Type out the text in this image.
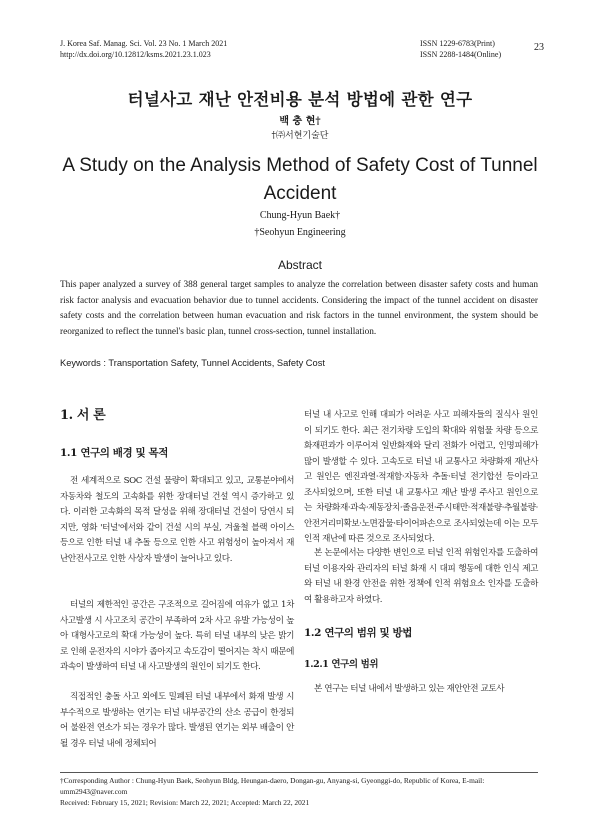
J. Korea Saf. Manag. Sci. Vol. 23 No. 1 March 2021
http://dx.doi.org/10.12812/ksms.2021.23.1.023
ISSN 1229-6783(Print)
ISSN 2288-1484(Online)
23
터널사고 재난 안전비용 분석 방법에 관한 연구
백 충 현†
†㈜서현기술단
A Study on the Analysis Method of Safety Cost of Tunnel
Accident
Chung-Hyun Baek†
†Seohyun Engineering
Abstract

This paper analyzed a survey of 388 general target samples to analyze the correlation between disaster safety costs and human risk factor analysis and evacuation behavior due to tunnel accidents. Considering the impact of the tunnel accident on disaster safety costs and the correlation between human evacuation and risk factors in the tunnel environment, the system should be reorganized to reflect the tunnel's basic plan, tunnel cross-section, tunnel installation.

Keywords : Transportation Safety, Tunnel Accidents, Safety Cost
1. 서 론
1.1 연구의 배경 및 목적

전 세계적으로 SOC 건설 물량이 확대되고 있고, 교통분야에서 자동차와 철도의 고속화를 위한 장대터널 건설 역시 증가하고 있다. 이러한 고속화의 목적 달성을 위해 장대터널 건설이 당연시 되지만, 영화 '터널'에서와 같이 건설 시의 부실, 겨울철 블랙 아이스 등으로 인한 터널 내 추돌 등으로 인한 사고 위험성이 높아져서 재난안전사고로 인한 사상자 발생이 늘어나고 있다.

터널의 제한적인 공간은 구조적으로 길어짐에 여유가 없고 1차 사고발생 시 사고조치 공간이 부족하여 2차 사고 유발 가능성이 높아 대형사고로의 확대 가능성이 높다. 특히 터널 내부의 낮은 밝기로 인해 운전자의 시야가 좁아지고 속도감이 떨어지는 착시 때문에 과속이 발생하여 터널 내 사고발생의 원인이 되기도 한다.

직접적인 충돌 사고 외에도 밀폐된 터널 내부에서 화재 발생 시 부수적으로 발생하는 연기는 터널 내부공간의 산소 공급이 한정되어 불완전 연소가 되는 경우가 많다. 발생된 연기는 외부 배출이 안될 경우 터널 내에 정체되어

터널 내 사고로 인해 대피가 어려운 사고 피해자들의 질식사 원인이 되기도 한다. 최근 전기차량 도입의 확대와 위험물 차량 등으로 화재편과가 이루어져 일반화재와 달리 전화가 어렵고, 인명피해가 많이 발생할 수 있다. 고속도로 터널 내 교통사고 차량화재 재난사고 원인은 엔진과열·적재함·자동차 추돌·터널 전기합선 등이라고 조사되었으며, 또한 터널 내 교통사고 재난 발생 주사고 원인으로는 차량화재·과속·제동장치·졸음운전·주시태만·적재불량·추월불량·안전거리미확보·노면잡물·타이어파손으로 조사되었는데 이는 모두 인적 재난에 따른 것으로 조사되었다.

본 논문에서는 다양한 변인으로 터널 인적 위험인자를 도출하여 터널 이용자와 관리자의 터널 화재 시 대피 행동에 대한 인식 제고와 터널 내 환경 안전을 위한 정책에 인적 위험요소 인자를 도출하여 활용하고자 하였다.

1.2 연구의 범위 및 방법
1.2.1 연구의 범위

본 연구는 터널 내에서 발생하고 있는 재안안전 교토사

†Corresponding Author : Chung-Hyun Baek, Seohyun Bldg, Heungan-daero, Dongan-gu, Anyang-si, Gyeonggi-do, Republic of Korea, E-mail: umm2943@naver.com
Received: February 15, 2021; Revision: March 22, 2021; Accepted: March 22, 2021
